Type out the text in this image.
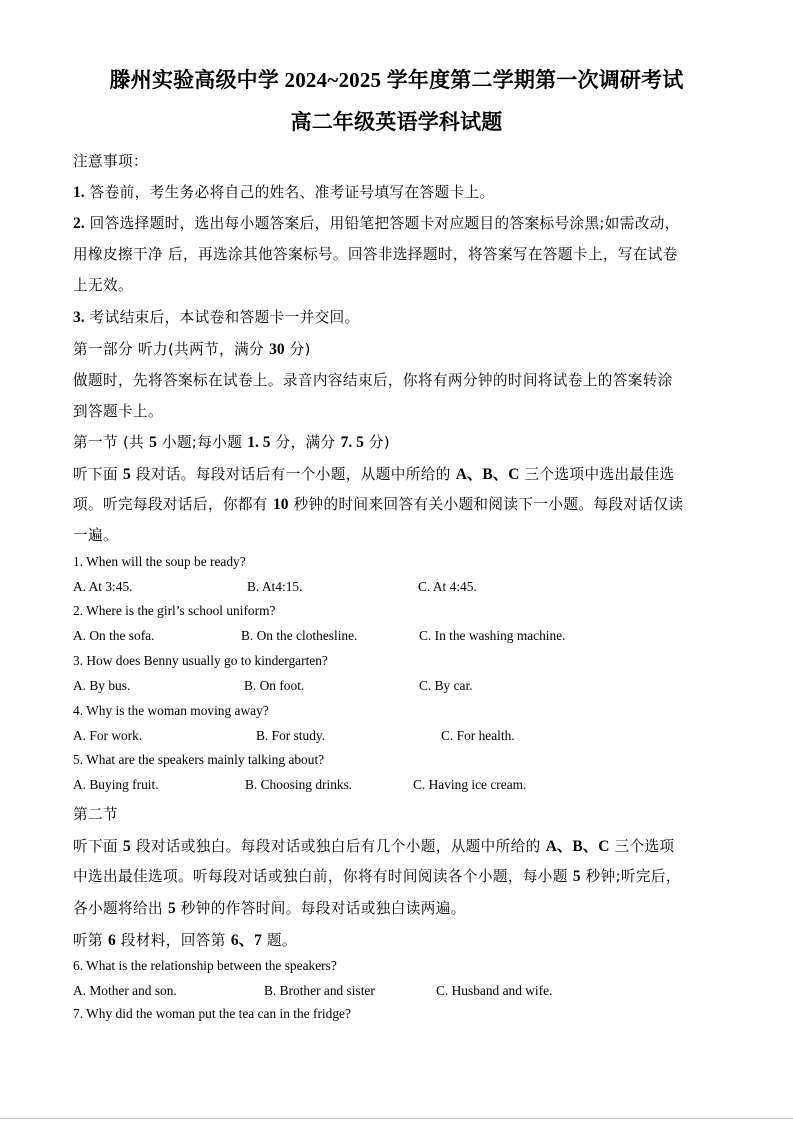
滕州实验高级中学 2024~2025 学年度第二学期第一次调研考试
高二年级英语学科试题
注意事项：
1. 答卷前，考生务必将自己的姓名、准考证号填写在答题卡上。
2. 回答选择题时，选出每小题答案后，用铅笔把答题卡对应题目的答案标号涂黑;如需改动，
用橡皮擦干净 后，再选涂其他答案标号。回答非选择题时，将答案写在答题卡上，写在试卷
上无效。
3. 考试结束后，本试卷和答题卡一并交回。
第一部分 听力(共两节，满分 30 分)
做题时，先将答案标在试卷上。录音内容结束后，你将有两分钟的时间将试卷上的答案转涂
到答题卡上。
第一节 (共 5 小题;每小题 1. 5 分，满分 7. 5 分)
听下面 5 段对话。每段对话后有一个小题，从题中所给的 A、B、C 三个选项中选出最佳选
项。听完每段对话后，你都有 10 秒钟的时间来回答有关小题和阅读下一小题。每段对话仅读
一遍。
1. When will the soup be ready?
A. At 3:45.	B. At4:15.	C. At 4:45.
2. Where is the girl’s school uniform?
A. On the sofa.	B. On the clothesline.	C. In the washing machine.
3. How does Benny usually go to kindergarten?
A. By bus.	B. On foot.	C. By car.
4. Why is the woman moving away?
A. For work.	B. For study.	C. For health.
5. What are the speakers mainly talking about?
A. Buying fruit.	B. Choosing drinks.	C. Having ice cream.
第二节
听下面 5 段对话或独白。每段对话或独白后有几个小题，从题中所给的 A、B、C 三个选项
中选出最佳选项。听每段对话或独白前，你将有时间阅读各个小题，每小题 5 秒钟;听完后，
各小题将给出 5 秒钟的作答时间。每段对话或独白读两遍。
听第 6 段材料，回答第 6、7 题。
6. What is the relationship between the speakers?
A. Mother and son.	B. Brother and sister	C. Husband and wife.
7. Why did the woman put the tea can in the fridge?
